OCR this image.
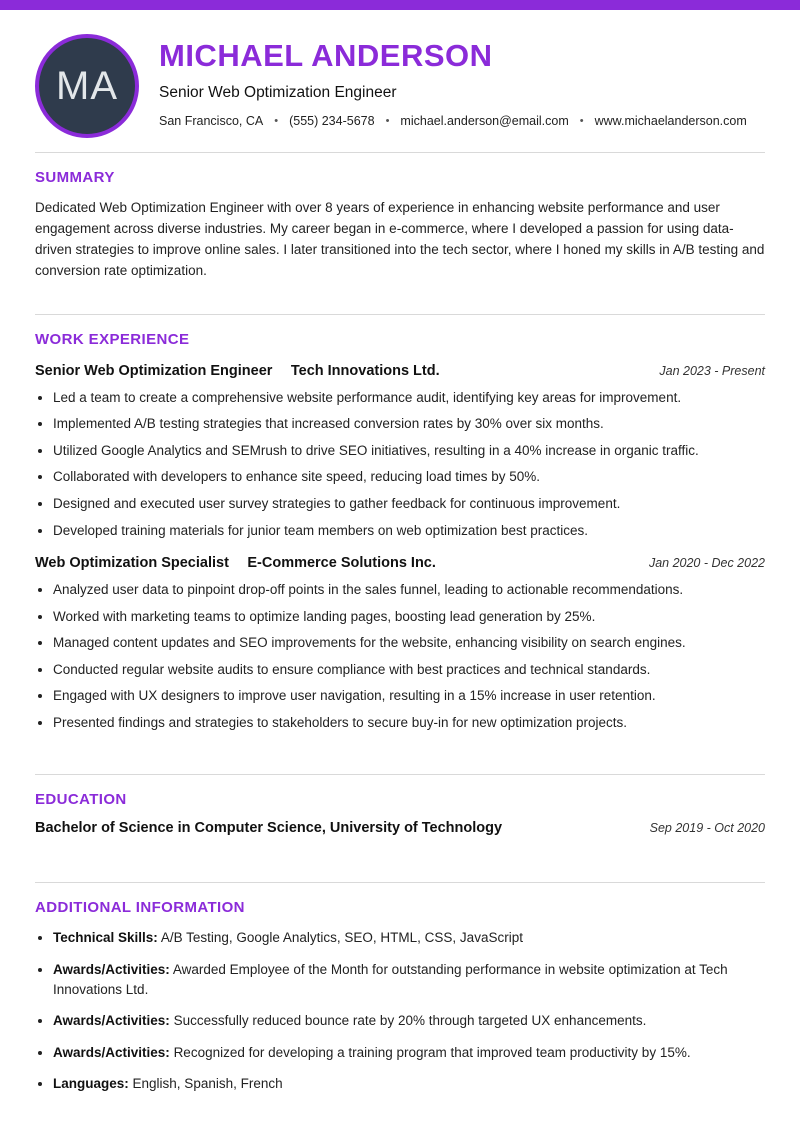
MA
MICHAEL ANDERSON
Senior Web Optimization Engineer
San Francisco, CA • (555) 234-5678 • michael.anderson@email.com • www.michaelanderson.com
SUMMARY

Dedicated Web Optimization Engineer with over 8 years of experience in enhancing website performance and user engagement across diverse industries. My career began in e-commerce, where I developed a passion for using data-driven strategies to improve online sales. I later transitioned into the tech sector, where I honed my skills in A/B testing and conversion rate optimization.

WORK EXPERIENCE
Senior Web Optimization Engineer Tech Innovations Ltd.	Jan 2023 - Present
• Led a team to create a comprehensive website performance audit, identifying key areas for improvement.
• Implemented A/B testing strategies that increased conversion rates by 30% over six months.
• Utilized Google Analytics and SEMrush to drive SEO initiatives, resulting in a 40% increase in organic traffic.
• Collaborated with developers to enhance site speed, reducing load times by 50%.
• Designed and executed user survey strategies to gather feedback for continuous improvement.
• Developed training materials for junior team members on web optimization best practices.
Web Optimization Specialist E-Commerce Solutions Inc.	Jan 2020 - Dec 2022
• Analyzed user data to pinpoint drop-off points in the sales funnel, leading to actionable recommendations.
• Worked with marketing teams to optimize landing pages, boosting lead generation by 25%.
• Managed content updates and SEO improvements for the website, enhancing visibility on search engines.
• Conducted regular website audits to ensure compliance with best practices and technical standards.
• Engaged with UX designers to improve user navigation, resulting in a 15% increase in user retention.
• Presented findings and strategies to stakeholders to secure buy-in for new optimization projects.
EDUCATION
Bachelor of Science in Computer Science, University of Technology	Sep 2019 - Oct 2020
ADDITIONAL INFORMATION
• Technical Skills: A/B Testing, Google Analytics, SEO, HTML, CSS, JavaScript
• Awards/Activities: Awarded Employee of the Month for outstanding performance in website optimization at Tech Innovations Ltd.
• Awards/Activities: Successfully reduced bounce rate by 20% through targeted UX enhancements.
• Awards/Activities: Recognized for developing a training program that improved team productivity by 15%.
• Languages: English, Spanish, French
